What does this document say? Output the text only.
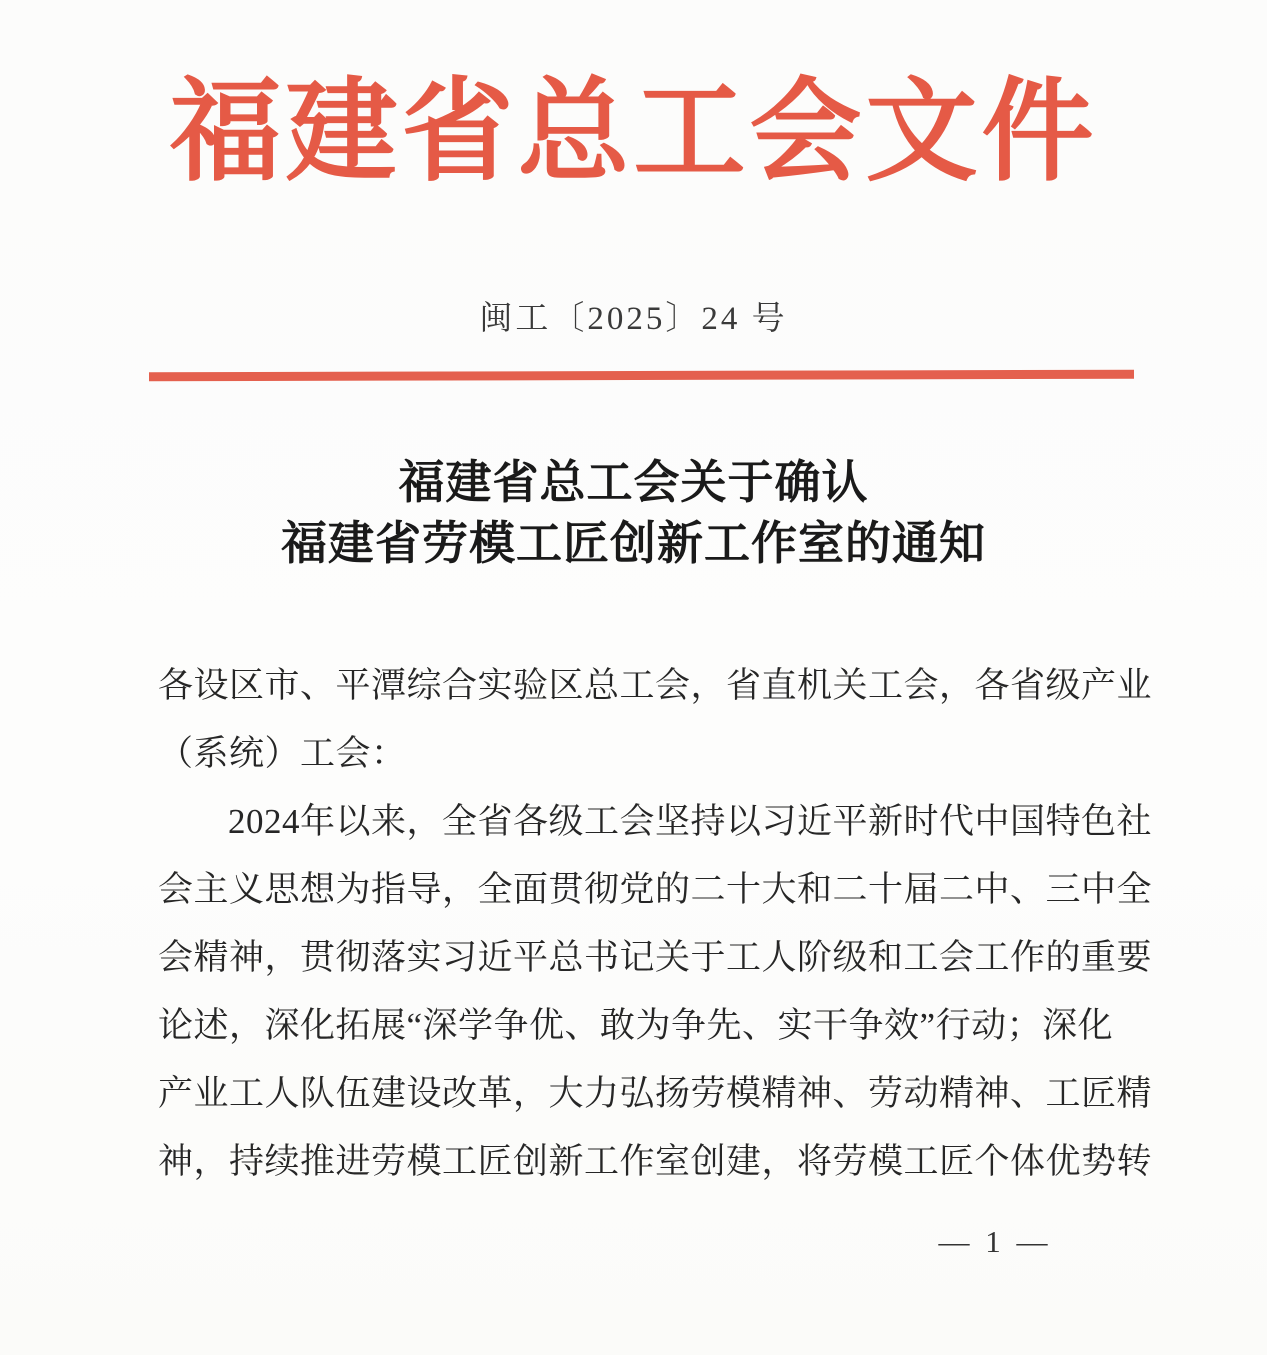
福建省总工会文件
闽工〔2025〕24 号
福建省总工会关于确认
福建省劳模工匠创新工作室的通知
各设区市、平潭综合实验区总工会，省直机关工会，各省级产业
（系统）工会：
2024年以来，全省各级工会坚持以习近平新时代中国特色社
会主义思想为指导，全面贯彻党的二十大和二十届二中、三中全
会精神，贯彻落实习近平总书记关于工人阶级和工会工作的重要
论述，深化拓展“深学争优、敢为争先、实干争效”行动；深化
产业工人队伍建设改革，大力弘扬劳模精神、劳动精神、工匠精
神，持续推进劳模工匠创新工作室创建，将劳模工匠个体优势转
— 1 —
